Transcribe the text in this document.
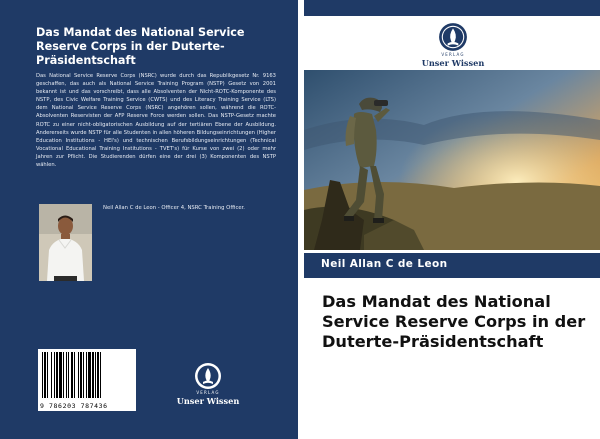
Das Mandat des National Service Reserve Corps in der Duterte-Präsidentschaft
Das National Service Reserve Corps (NSRC) wurde durch das Republikgesetz Nr. 9163 geschaffen, das auch als National Service Training Program (NSTP) Gesetz von 2001 bekannt ist und das vorschreibt, dass alle Absolventen der Nicht-ROTC-Komponente des NSTP, des Civic Welfare Training Service (CWTS) und des Literacy Training Service (LTS) dem National Service Reserve Corps (NSRC) angehören sollen, während die ROTC-Absolventen Reservisten der AFP Reserve Force werden sollen. Das NSTP-Gesetz machte ROTC zu einer nicht-obligatorischen Ausbildung auf der tertiären Ebene der Ausbildung. Andererseits wurde NSTP für alle Studenten in allen höheren Bildungseinrichtungen (Higher Education Institutions - HEI's) und technischen Berufsbildungseinrichtungen (Technical Vocational Educational Training Institutions - TVET's) für Kurse von zwei (2) oder mehr Jahren zur Pflicht. Die Studierenden dürfen eine der drei (3) Komponenten des NSTP wählen.
Neil Allan C de Leon - Officer 4, NSRC Training Officer.
9 786203 787436
VERLAG
Unser Wissen
VERLAG
Unser Wissen
Neil Allan C de Leon
Das Mandat des National Service Reserve Corps in der Duterte-Präsidentschaft
